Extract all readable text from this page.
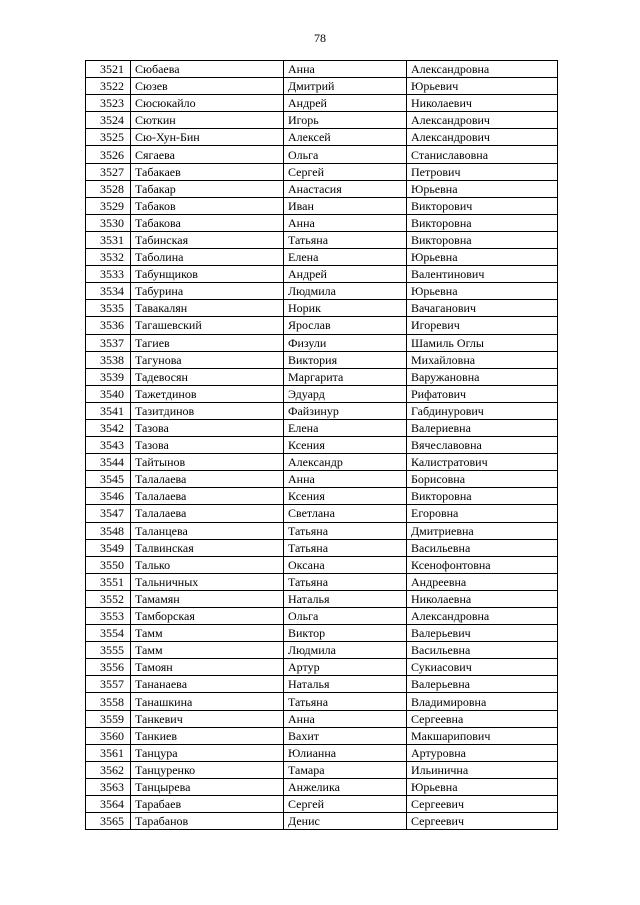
78
3521	Сюбаева	Анна	Александровна
3522	Сюзев	Дмитрий	Юрьевич
3523	Сюсюкайло	Андрей	Николаевич
3524	Сюткин	Игорь	Александрович
3525	Сю-Хун-Бин	Алексей	Александрович
3526	Сягаева	Ольга	Станиславовна
3527	Табакаев	Сергей	Петрович
3528	Табакар	Анастасия	Юрьевна
3529	Табаков	Иван	Викторович
3530	Табакова	Анна	Викторовна
3531	Табинская	Татьяна	Викторовна
3532	Таболина	Елена	Юрьевна
3533	Табунщиков	Андрей	Валентинович
3534	Табурина	Людмила	Юрьевна
3535	Тавакалян	Норик	Вачаганович
3536	Тагашевский	Ярослав	Игоревич
3537	Тагиев	Физули	Шамиль Оглы
3538	Тагунова	Виктория	Михайловна
3539	Тадевосян	Маргарита	Варужановна
3540	Тажетдинов	Эдуард	Рифатович
3541	Тазитдинов	Файзинур	Габдинурович
3542	Тазова	Елена	Валериевна
3543	Тазова	Ксения	Вячеславовна
3544	Тайтынов	Александр	Калистратович
3545	Талалаева	Анна	Борисовна
3546	Талалаева	Ксения	Викторовна
3547	Талалаева	Светлана	Егоровна
3548	Таланцева	Татьяна	Дмитриевна
3549	Талвинская	Татьяна	Васильевна
3550	Талько	Оксана	Ксенофонтовна
3551	Тальничных	Татьяна	Андреевна
3552	Тамамян	Наталья	Николаевна
3553	Тамборская	Ольга	Александровна
3554	Тамм	Виктор	Валерьевич
3555	Тамм	Людмила	Васильевна
3556	Тамоян	Артур	Сукиасович
3557	Тананаева	Наталья	Валерьевна
3558	Танашкина	Татьяна	Владимировна
3559	Танкевич	Анна	Сергеевна
3560	Танкиев	Вахит	Макшарипович
3561	Танцура	Юлианна	Артуровна
3562	Танцуренко	Тамара	Ильинична
3563	Танцырева	Анжелика	Юрьевна
3564	Тарабаев	Сергей	Сергеевич
3565	Тарабанов	Денис	Сергеевич
